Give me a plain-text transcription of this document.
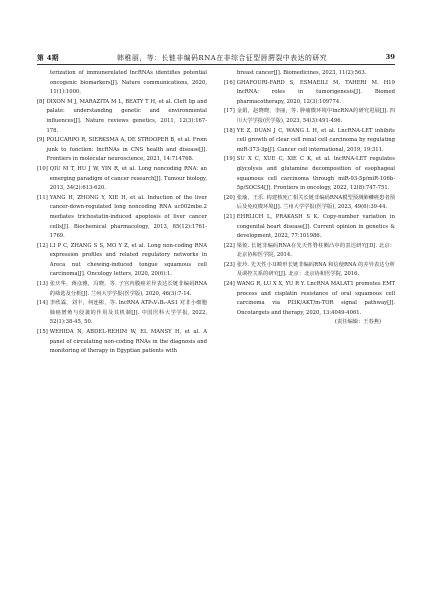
第 4期	韩稚丽，等：长链非编码RNA在非综合征型唇腭裂中表达的研究	39
terization of immunerelated lncRNAs identifies potential oncogenic biomarkers[J]. Nature communications, 2020, 11(1):1000.
[8] DIXON M J, MARAZITA M L, BEATY T H, et al. Cleft lip and palate: understanding genetic and environmental influences[J]. Nature reviews genetics, 2011, 12(3):167-178.
[9] POLICARPO R, SIERKSMA A, DE STROOPER B, et al. From junk to function: lncRNAs in CNS health and disease[J]. Frontiers in molecular neuroscience, 2021, 14:714768.
[10] QIU M T, HU J W, YIN R, et al. Long noncoding RNA: an emerging paradigm of cancer research[J]. Tumour biology, 2013, 34(2):613-620.
[11] YANG H, ZHONG Y, XIE H, et al. Induction of the liver cancer-down-regulated long noncoding RNA uc002mbe.2 mediates trichostatin-induced apoptosis of liver cancer cells[J]. Biochemical pharmacology, 2013, 85(12):1761-1769.
[12] LI P C, ZHANG S S, MO Y Z, et al. Long non-coding RNA expression profiles and related regulatory networks in Areca nut chewing-induced tongue squamous cell carcinoma[J]. Oncology letters, 2020, 20(6):1.
[13] 张庆华，蒋彦雅，冯晓，等. 子宫内膜癌差异表达长链非编码RNA的筛选及分析[J]. 兰州大学学报(医学版), 2020, 46(3):7-14.
[14] 李欣霖，刘丰，何连彬，等. lncRNA ATP₆V₁B₂-AS1 对非小细胞肺癌增殖与侵袭的作用及其机制[J]. 中国医科大学学报, 2022, 52(1):38-45, 50.
[15] WEHIDA N, ABDEL-REHIM W, EL MANSY H, et al. A panel of circulating non-coding RNAs in the diagnosis and monitoring of therapy in Egyptian patients with
breast cancer[J]. Biomedicines, 2023, 11(2):563.
[16] GHAFOURI-FARD S, ESMAEILI M, TAHERI M. H19 lncRNA: roles in tumorigenesis[J]. Biomed pharmacotherapy, 2020, 12(3):109774.
[17] 金娟，赵晓晓，李丽，等. 肿瘤微环境中lncRNA的研究进展[J]. 四川大学学报(医学版), 2023, 54(3):491-496.
[18] YE Z, DUAN J C, WANG L H, et al. LncRNA-LET inhibits cell growth of clear cell renal cell carcinoma by regulating miR-373-3p[J]. Cancer cell international, 2019, 19:311.
[19] SU X C, XUE C, XIE C K, et al. lncRNA-LET regulates glycolysis and glutamine decomposition of esophageal squamous cell carcinoma through miR-93-5p/miR-106b-5p/SOCS4[J]. Frontiers in oncology, 2022, 12(8):747-751.
[20] 张瑜，王乐. 构建核死亡相关长链非编码RNA模型预测肺鳞癌患者预后及免疫微环境[J]. 兰州大学学报(医学版), 2023, 49(6):39-44.
[21] EHRLICH L, PRAKASH S K. Copy-number variation in congenital heart disease[J]. Current opinion in genetics & development, 2022, 77:101986.
[22] 梁攸. 长链非编码RNA在先天性脊柱侧凸中的表达研究[D]. 北京：北京协和医学院, 2014.
[23] 张玲. 先天性小耳畸形长链非编码RNA 和信使RNA 的差异表达分析及调控关系的研究[J]. 北京：北京协和医学院, 2016.
[24] WANG R, LU X X, YU R Y. LncRNA MALAT1 promotes EMT process and cisplatin resistance of oral squamous cell carcinoma via PI3K/AKT/m-TOR signal pathway[J]. Oncotargets and therapy, 2020, 13:4049-4061.
(责任编辑：王春燕)
